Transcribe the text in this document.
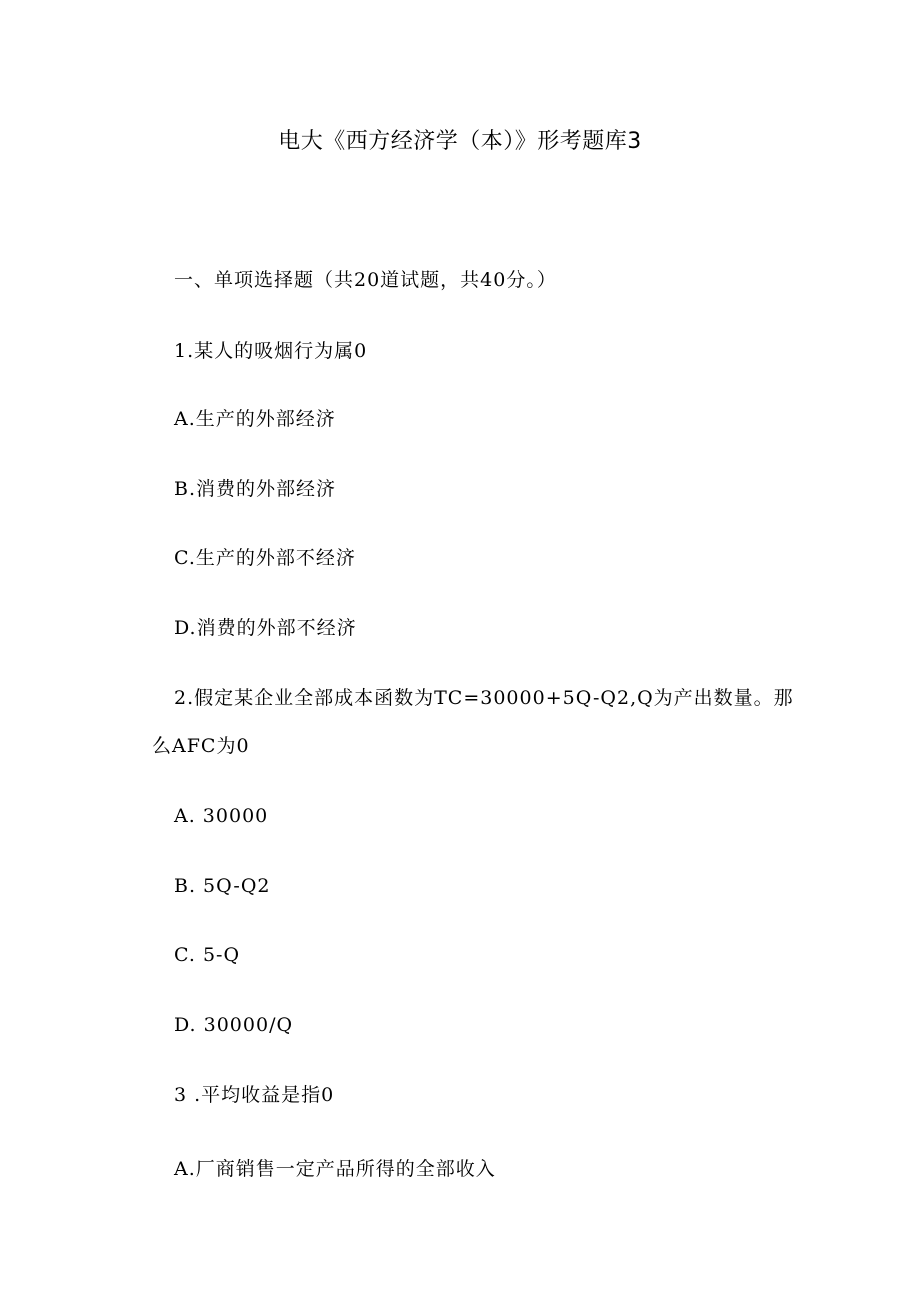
电大《西方经济学（本）》形考题库3
一、单项选择题（共20道试题，共40分。）
1.某人的吸烟行为属0
A.生产的外部经济
B.消费的外部经济
C.生产的外部不经济
D.消费的外部不经济
2.假定某企业全部成本函数为TC=30000+5Q-Q2,Q为产出数量。那
么AFC为0
A. 30000
B. 5Q-Q2
C. 5-Q
D. 30000/Q
3 .平均收益是指0
A.厂商销售一定产品所得的全部收入
